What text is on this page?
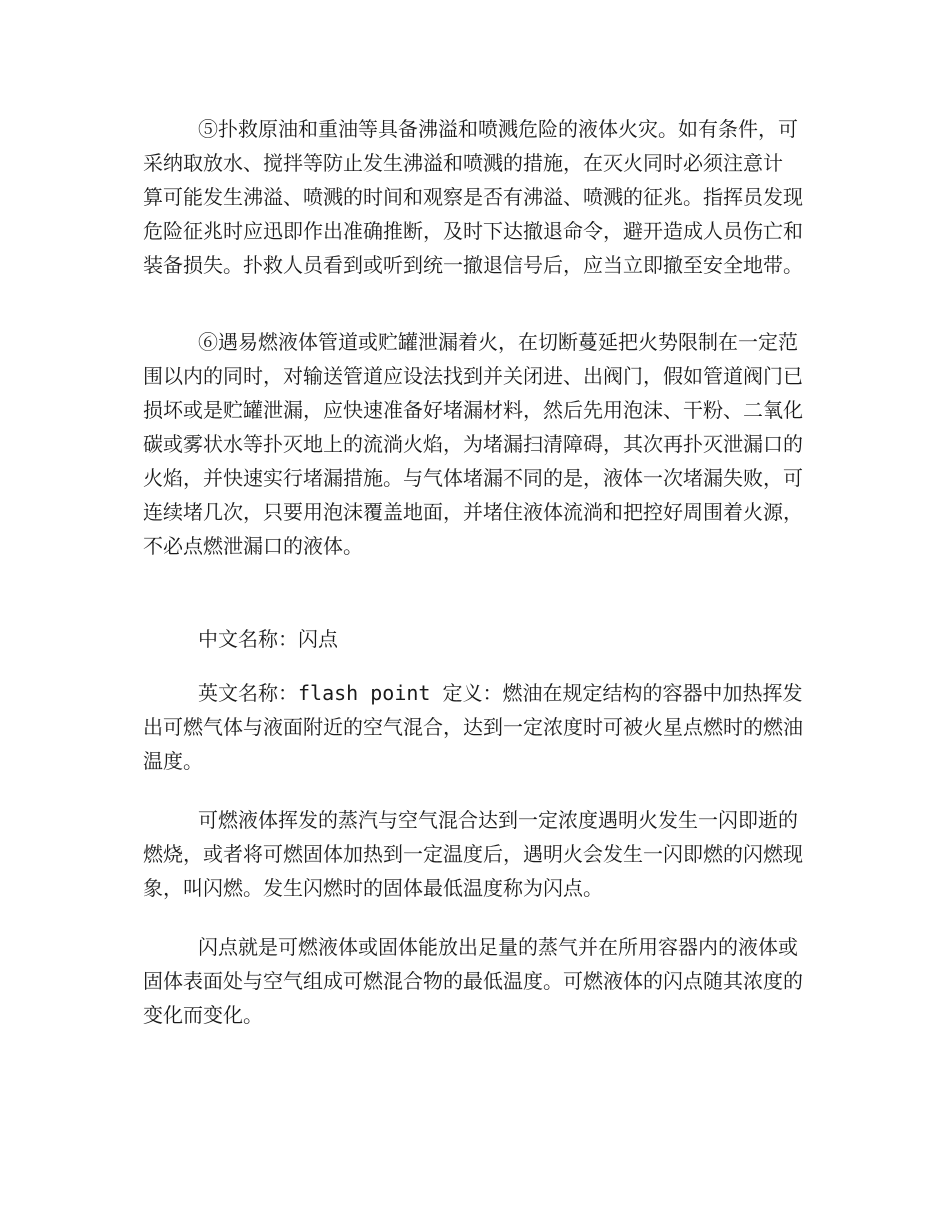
⑤扑救原油和重油等具备沸溢和喷溅危险的液体火灾。如有条件，可采纳取放水、搅拌等防止发生沸溢和喷溅的措施，在灭火同时必须注意计 算可能发生沸溢、喷溅的时间和观察是否有沸溢、喷溅的征兆。指挥员发现危险征兆时应迅即作出准确推断，及时下达撤退命令，避开造成人员伤亡和装备损失。扑救人员看到或听到统一撤退信号后，应当立即撤至安全地带。

⑥遇易燃液体管道或贮罐泄漏着火，在切断蔓延把火势限制在一定范围以内的同时，对输送管道应设法找到并关闭进、出阀门，假如管道阀门已 损坏或是贮罐泄漏，应快速准备好堵漏材料，然后先用泡沫、干粉、二氧化碳或雾状水等扑灭地上的流淌火焰，为堵漏扫清障碍，其次再扑灭泄漏口的火焰，并快速实行堵漏措施。与气体堵漏不同的是，液体一次堵漏失败，可连续堵几次，只要用泡沫覆盖地面，并堵住液体流淌和把控好周围着火源，不必点燃泄漏口的液体。

中文名称：闪点

英文名称：flash point 定义：燃油在规定结构的容器中加热挥发出可燃气体与液面附近的空气混合，达到一定浓度时可被火星点燃时的燃油温度。

可燃液体挥发的蒸汽与空气混合达到一定浓度遇明火发生一闪即逝的燃烧，或者将可燃固体加热到一定温度后，遇明火会发生一闪即燃的闪燃现象，叫闪燃。发生闪燃时的固体最低温度称为闪点。

闪点就是可燃液体或固体能放出足量的蒸气并在所用容器内的液体或固体表面处与空气组成可燃混合物的最低温度。可燃液体的闪点随其浓度的变化而变化。
